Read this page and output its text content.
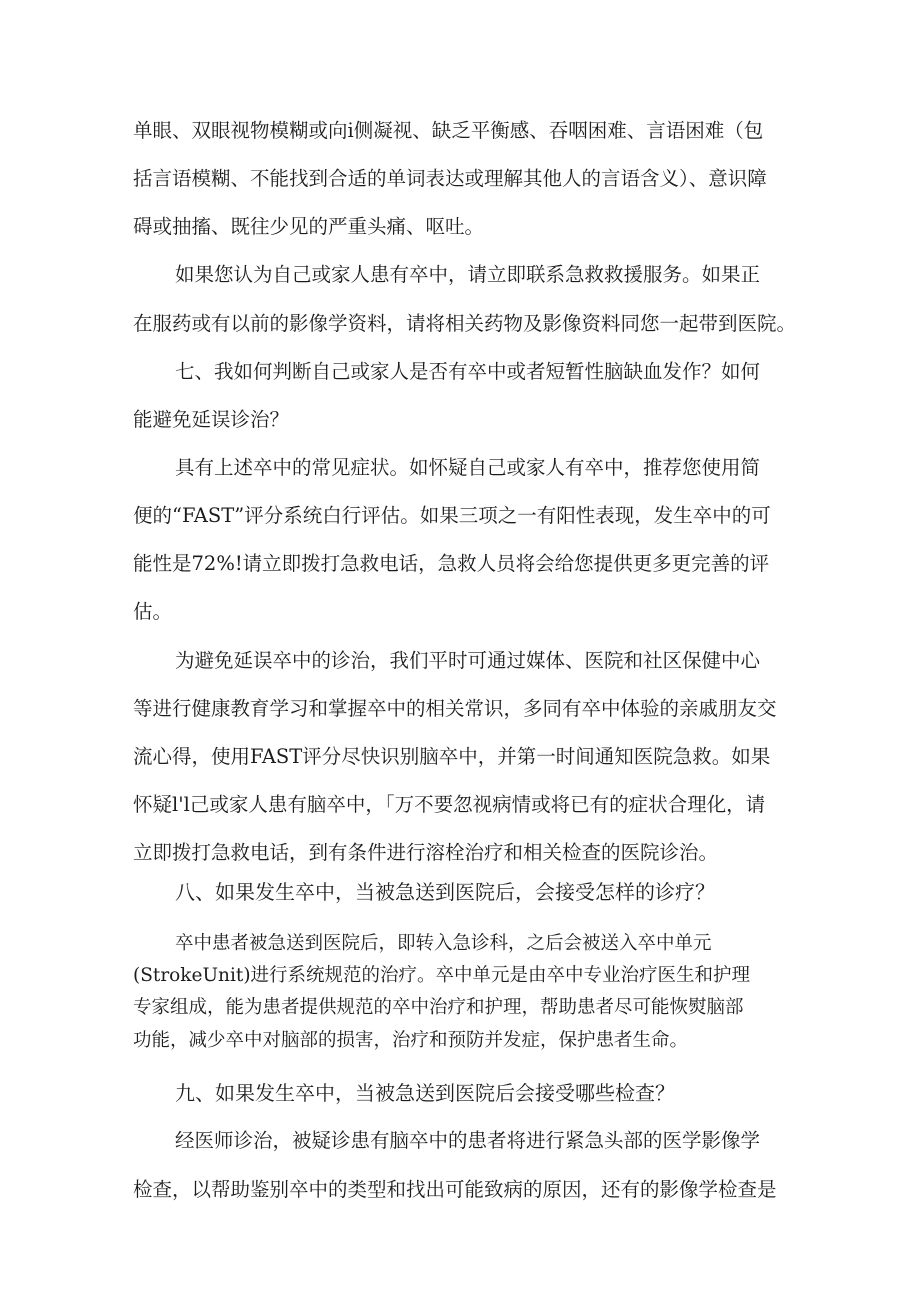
单眼、双眼视物模糊或向i侧凝视、缺乏平衡感、吞咽困难、言语困难（包

括言语模糊、不能找到合适的单词表达或理解其他人的言语含义）、意识障

碍或抽搐、既往少见的严重头痛、呕吐。

如果您认为自己或家人患有卒中，请立即联系急救救援服务。如果正

在服药或有以前的影像学资料，请将相关药物及影像资料同您一起带到医院。

七、我如何判断自己或家人是否有卒中或者短暂性脑缺血发作？如何

能避免延误诊治？

具有上述卒中的常见症状。如怀疑自己或家人有卒中，推荐您使用简

便的“FAST”评分系统白行评估。如果三项之一有阳性表现，发生卒中的可

能性是72%!请立即拨打急救电话，急救人员将会给您提供更多更完善的评

估。

为避免延误卒中的诊治，我们平时可通过媒体、医院和社区保健中心

等进行健康教育学习和掌握卒中的相关常识，多同有卒中体验的亲戚朋友交

流心得，使用FAST评分尽快识别脑卒中，并第一时间通知医院急救。如果

怀疑l'l己或家人患有脑卒中，「万不要忽视病情或将已有的症状合理化，请

立即拨打急救电话，到有条件进行溶栓治疗和相关检查的医院诊治。

八、如果发生卒中，当被急送到医院后，会接受怎样的诊疗？

卒中患者被急送到医院后，即转入急诊科，之后会被送入卒中单元

(StrokeUnit)进行系统规范的治疗。卒中单元是由卒中专业治疗医生和护理

专家组成，能为患者提供规范的卒中治疗和护理，帮助患者尽可能恢熨脑部

功能，减少卒中对脑部的损害，治疗和预防并发症，保护患者生命。

九、如果发生卒中，当被急送到医院后会接受哪些检查？

经医师诊治，被疑诊患有脑卒中的患者将进行紧急头部的医学影像学

检查，以帮助鉴别卒中的类型和找出可能致病的原因，还有的影像学检查是
